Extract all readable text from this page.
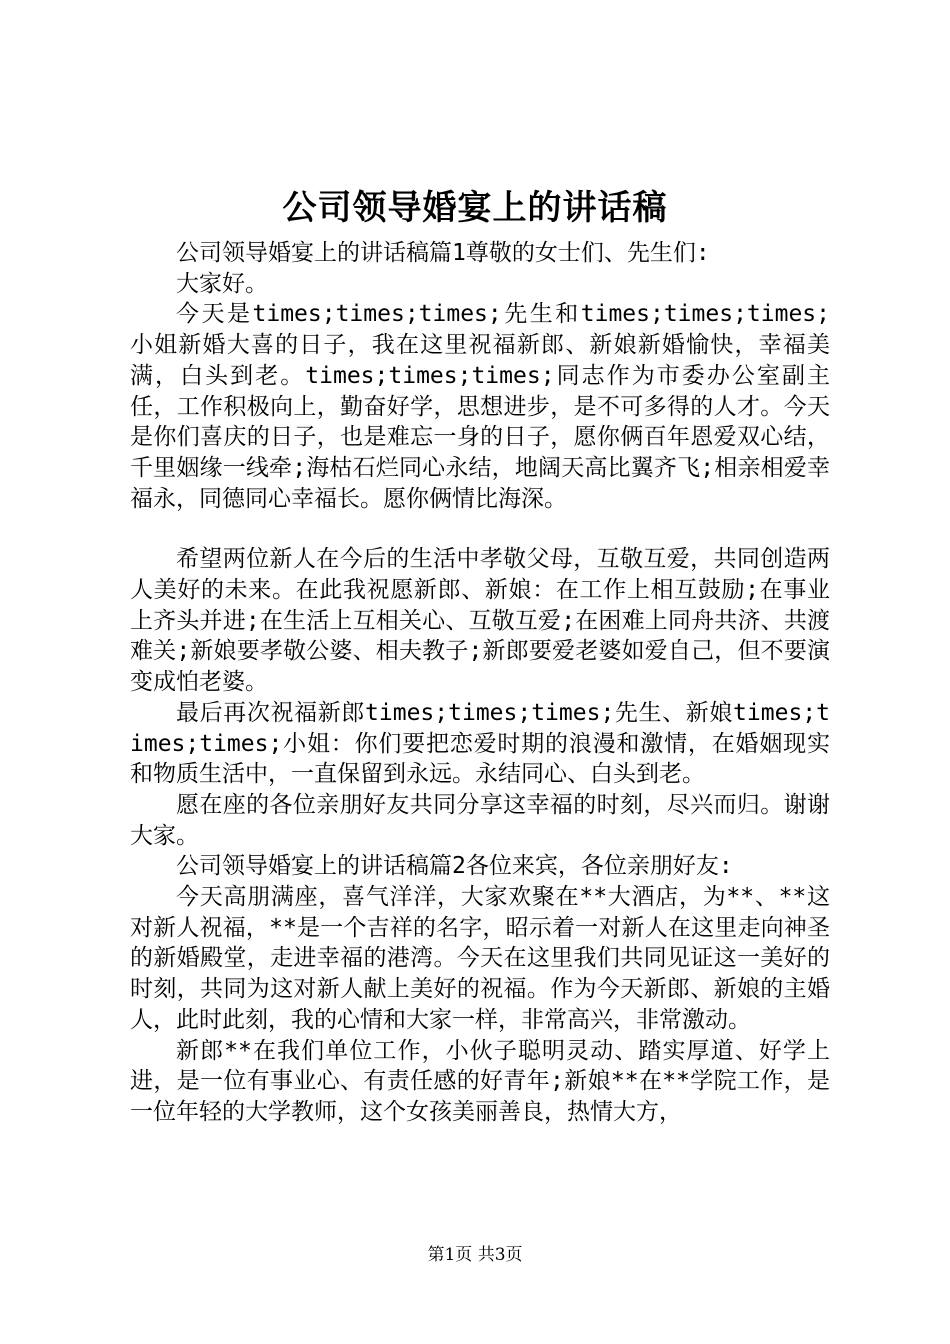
公司领导婚宴上的讲话稿

公司领导婚宴上的讲话稿篇1尊敬的女士们、先生们:

大家好。

今天是times;times;times;先生和times;times;times;小姐新婚大喜的日子，我在这里祝福新郎、新娘新婚愉快，幸福美满，白头到老。times;times;times;同志作为市委办公室副主任，工作积极向上，勤奋好学，思想进步，是不可多得的人才。今天是你们喜庆的日子，也是难忘一身的日子，愿你俩百年恩爱双心结，千里姻缘一线牵;海枯石烂同心永结，地阔天高比翼齐飞;相亲相爱幸福永，同德同心幸福长。愿你俩情比海深。

希望两位新人在今后的生活中孝敬父母，互敬互爱，共同创造两人美好的未来。在此我祝愿新郎、新娘：在工作上相互鼓励;在事业上齐头并进;在生活上互相关心、互敬互爱;在困难上同舟共济、共渡难关;新娘要孝敬公婆、相夫教子;新郎要爱老婆如爱自己，但不要演变成怕老婆。

最后再次祝福新郎times;times;times;先生、新娘times;times;times;小姐：你们要把恋爱时期的浪漫和激情，在婚姻现实和物质生活中，一直保留到永远。永结同心、白头到老。

愿在座的各位亲朋好友共同分享这幸福的时刻，尽兴而归。谢谢大家。

公司领导婚宴上的讲话稿篇2各位来宾，各位亲朋好友:

今天高朋满座，喜气洋洋，大家欢聚在**大酒店，为**、**这对新人祝福，**是一个吉祥的名字，昭示着一对新人在这里走向神圣的新婚殿堂，走进幸福的港湾。今天在这里我们共同见证这一美好的时刻，共同为这对新人献上美好的祝福。作为今天新郎、新娘的主婚人，此时此刻，我的心情和大家一样，非常高兴，非常激动。

新郎**在我们单位工作，小伙子聪明灵动、踏实厚道、好学上进，是一位有事业心、有责任感的好青年;新娘**在**学院工作，是一位年轻的大学教师，这个女孩美丽善良，热情大方，

第1页 共3页
